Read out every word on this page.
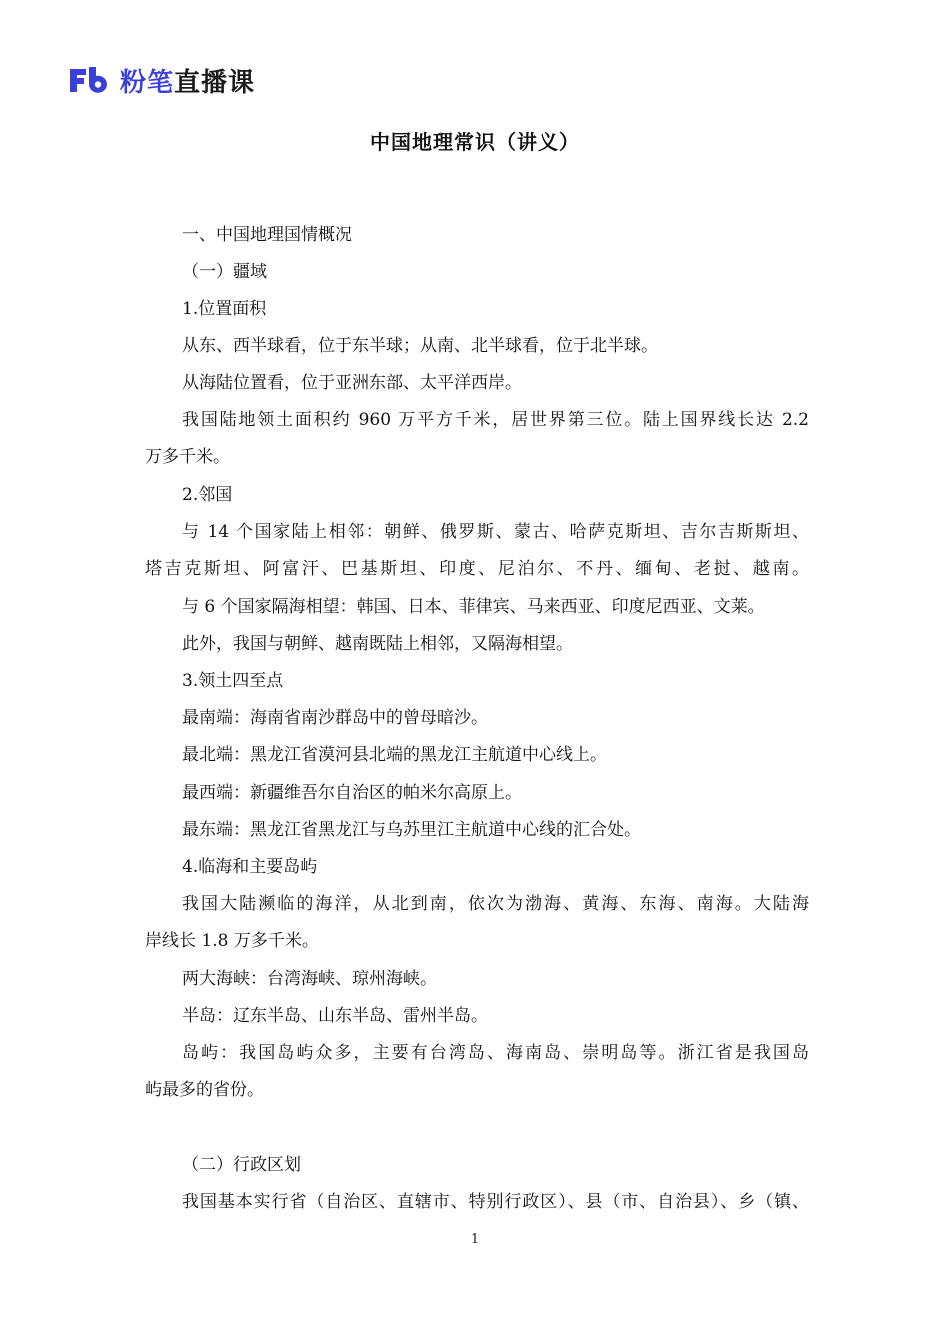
粉笔直播课
中国地理常识（讲义）
一、中国地理国情概况
（一）疆域
1.位置面积
从东、西半球看，位于东半球；从南、北半球看，位于北半球。
从海陆位置看，位于亚洲东部、太平洋西岸。
我国陆地领土面积约 960 万平方千米，居世界第三位。陆上国界线长达 2.2
万多千米。
2.邻国
与 14 个国家陆上相邻：朝鲜、俄罗斯、蒙古、哈萨克斯坦、吉尔吉斯斯坦、
塔吉克斯坦、阿富汗、巴基斯坦、印度、尼泊尔、不丹、缅甸、老挝、越南。
与 6 个国家隔海相望：韩国、日本、菲律宾、马来西亚、印度尼西亚、文莱。
此外，我国与朝鲜、越南既陆上相邻，又隔海相望。
3.领土四至点
最南端：海南省南沙群岛中的曾母暗沙。
最北端：黑龙江省漠河县北端的黑龙江主航道中心线上。
最西端：新疆维吾尔自治区的帕米尔高原上。
最东端：黑龙江省黑龙江与乌苏里江主航道中心线的汇合处。
4.临海和主要岛屿
我国大陆濒临的海洋，从北到南，依次为渤海、黄海、东海、南海。大陆海
岸线长 1.8 万多千米。
两大海峡：台湾海峡、琼州海峡。
半岛：辽东半岛、山东半岛、雷州半岛。
岛屿：我国岛屿众多，主要有台湾岛、海南岛、崇明岛等。浙江省是我国岛
屿最多的省份。
（二）行政区划
我国基本实行省（自治区、直辖市、特别行政区）、县（市、自治县）、乡（镇、
1
